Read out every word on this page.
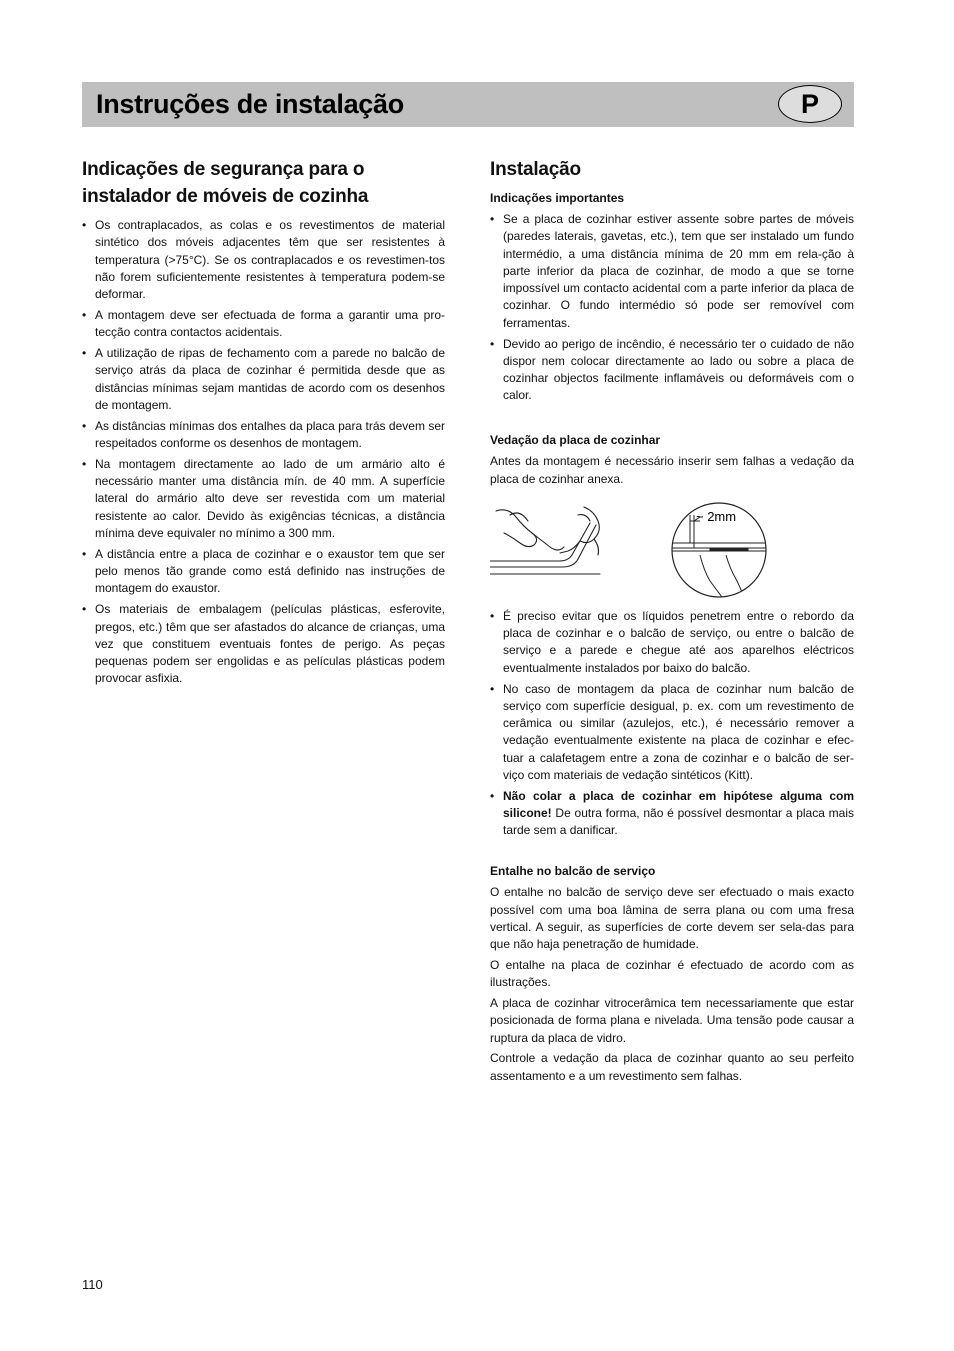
Instruções de instalação	P
Indicações de segurança para o instalador de móveis de cozinha
• Os contraplacados, as colas e os revestimentos de material sintético dos móveis adjacentes têm que ser resistentes à temperatura (>75°C). Se os contraplacados e os revestimen-tos não forem suficientemente resistentes à temperatura podem-se deformar.
• A montagem deve ser efectuada de forma a garantir uma pro-tecção contra contactos acidentais.
• A utilização de ripas de fechamento com a parede no balcão de serviço atrás da placa de cozinhar é permitida desde que as distâncias mínimas sejam mantidas de acordo com os desenhos de montagem.
• As distâncias mínimas dos entalhes da placa para trás devem ser respeitados conforme os desenhos de montagem.
• Na montagem directamente ao lado de um armário alto é necessário manter uma distância mín. de 40 mm. A superfície lateral do armário alto deve ser revestida com um material resistente ao calor. Devido às exigências técnicas, a distância mínima deve equivaler no mínimo a 300 mm.
• A distância entre a placa de cozinhar e o exaustor tem que ser pelo menos tão grande como está definido nas instruções de montagem do exaustor.
• Os materiais de embalagem (películas plásticas, esferovite, pregos, etc.) têm que ser afastados do alcance de crianças, uma vez que constituem eventuais fontes de perigo. As peças pequenas podem ser engolidas e as películas plásticas podem provocar asfixia.
Instalação
Indicações importantes
• Se a placa de cozinhar estiver assente sobre partes de móveis (paredes laterais, gavetas, etc.), tem que ser instalado um fundo intermédio, a uma distância mínima de 20 mm em rela-ção à parte inferior da placa de cozinhar, de modo a que se torne impossível um contacto acidental com a parte inferior da placa de cozinhar. O fundo intermédio só pode ser removível com ferramentas.
• Devido ao perigo de incêndio, é necessário ter o cuidado de não dispor nem colocar directamente ao lado ou sobre a placa de cozinhar objectos facilmente inflamáveis ou deformáveis com o calor.
Vedação da placa de cozinhar

Antes da montagem é necessário inserir sem falhas a vedação da placa de cozinhar anexa.

~ 2mm
• É preciso evitar que os líquidos penetrem entre o rebordo da placa de cozinhar e o balcão de serviço, ou entre o balcão de serviço e a parede e chegue até aos aparelhos eléctricos eventualmente instalados por baixo do balcão.
• No caso de montagem da placa de cozinhar num balcão de serviço com superfície desigual, p. ex. com um revestimento de cerâmica ou similar (azulejos, etc.), é necessário remover a vedação eventualmente existente na placa de cozinhar e efec-tuar a calafetagem entre a zona de cozinhar e o balcão de ser-viço com materiais de vedação sintéticos (Kitt).
• Não colar a placa de cozinhar em hipótese alguma com silicone! De outra forma, não é possível desmontar a placa mais tarde sem a danificar.
Entalhe no balcão de serviço

O entalhe no balcão de serviço deve ser efectuado o mais exacto possível com uma boa lâmina de serra plana ou com uma fresa vertical. A seguir, as superfícies de corte devem ser sela-das para que não haja penetração de humidade.

O entalhe na placa de cozinhar é efectuado de acordo com as ilustrações.

A placa de cozinhar vitrocerâmica tem necessariamente que estar posicionada de forma plana e nivelada. Uma tensão pode causar a ruptura da placa de vidro.

Controle a vedação da placa de cozinhar quanto ao seu perfeito assentamento e a um revestimento sem falhas.

110
